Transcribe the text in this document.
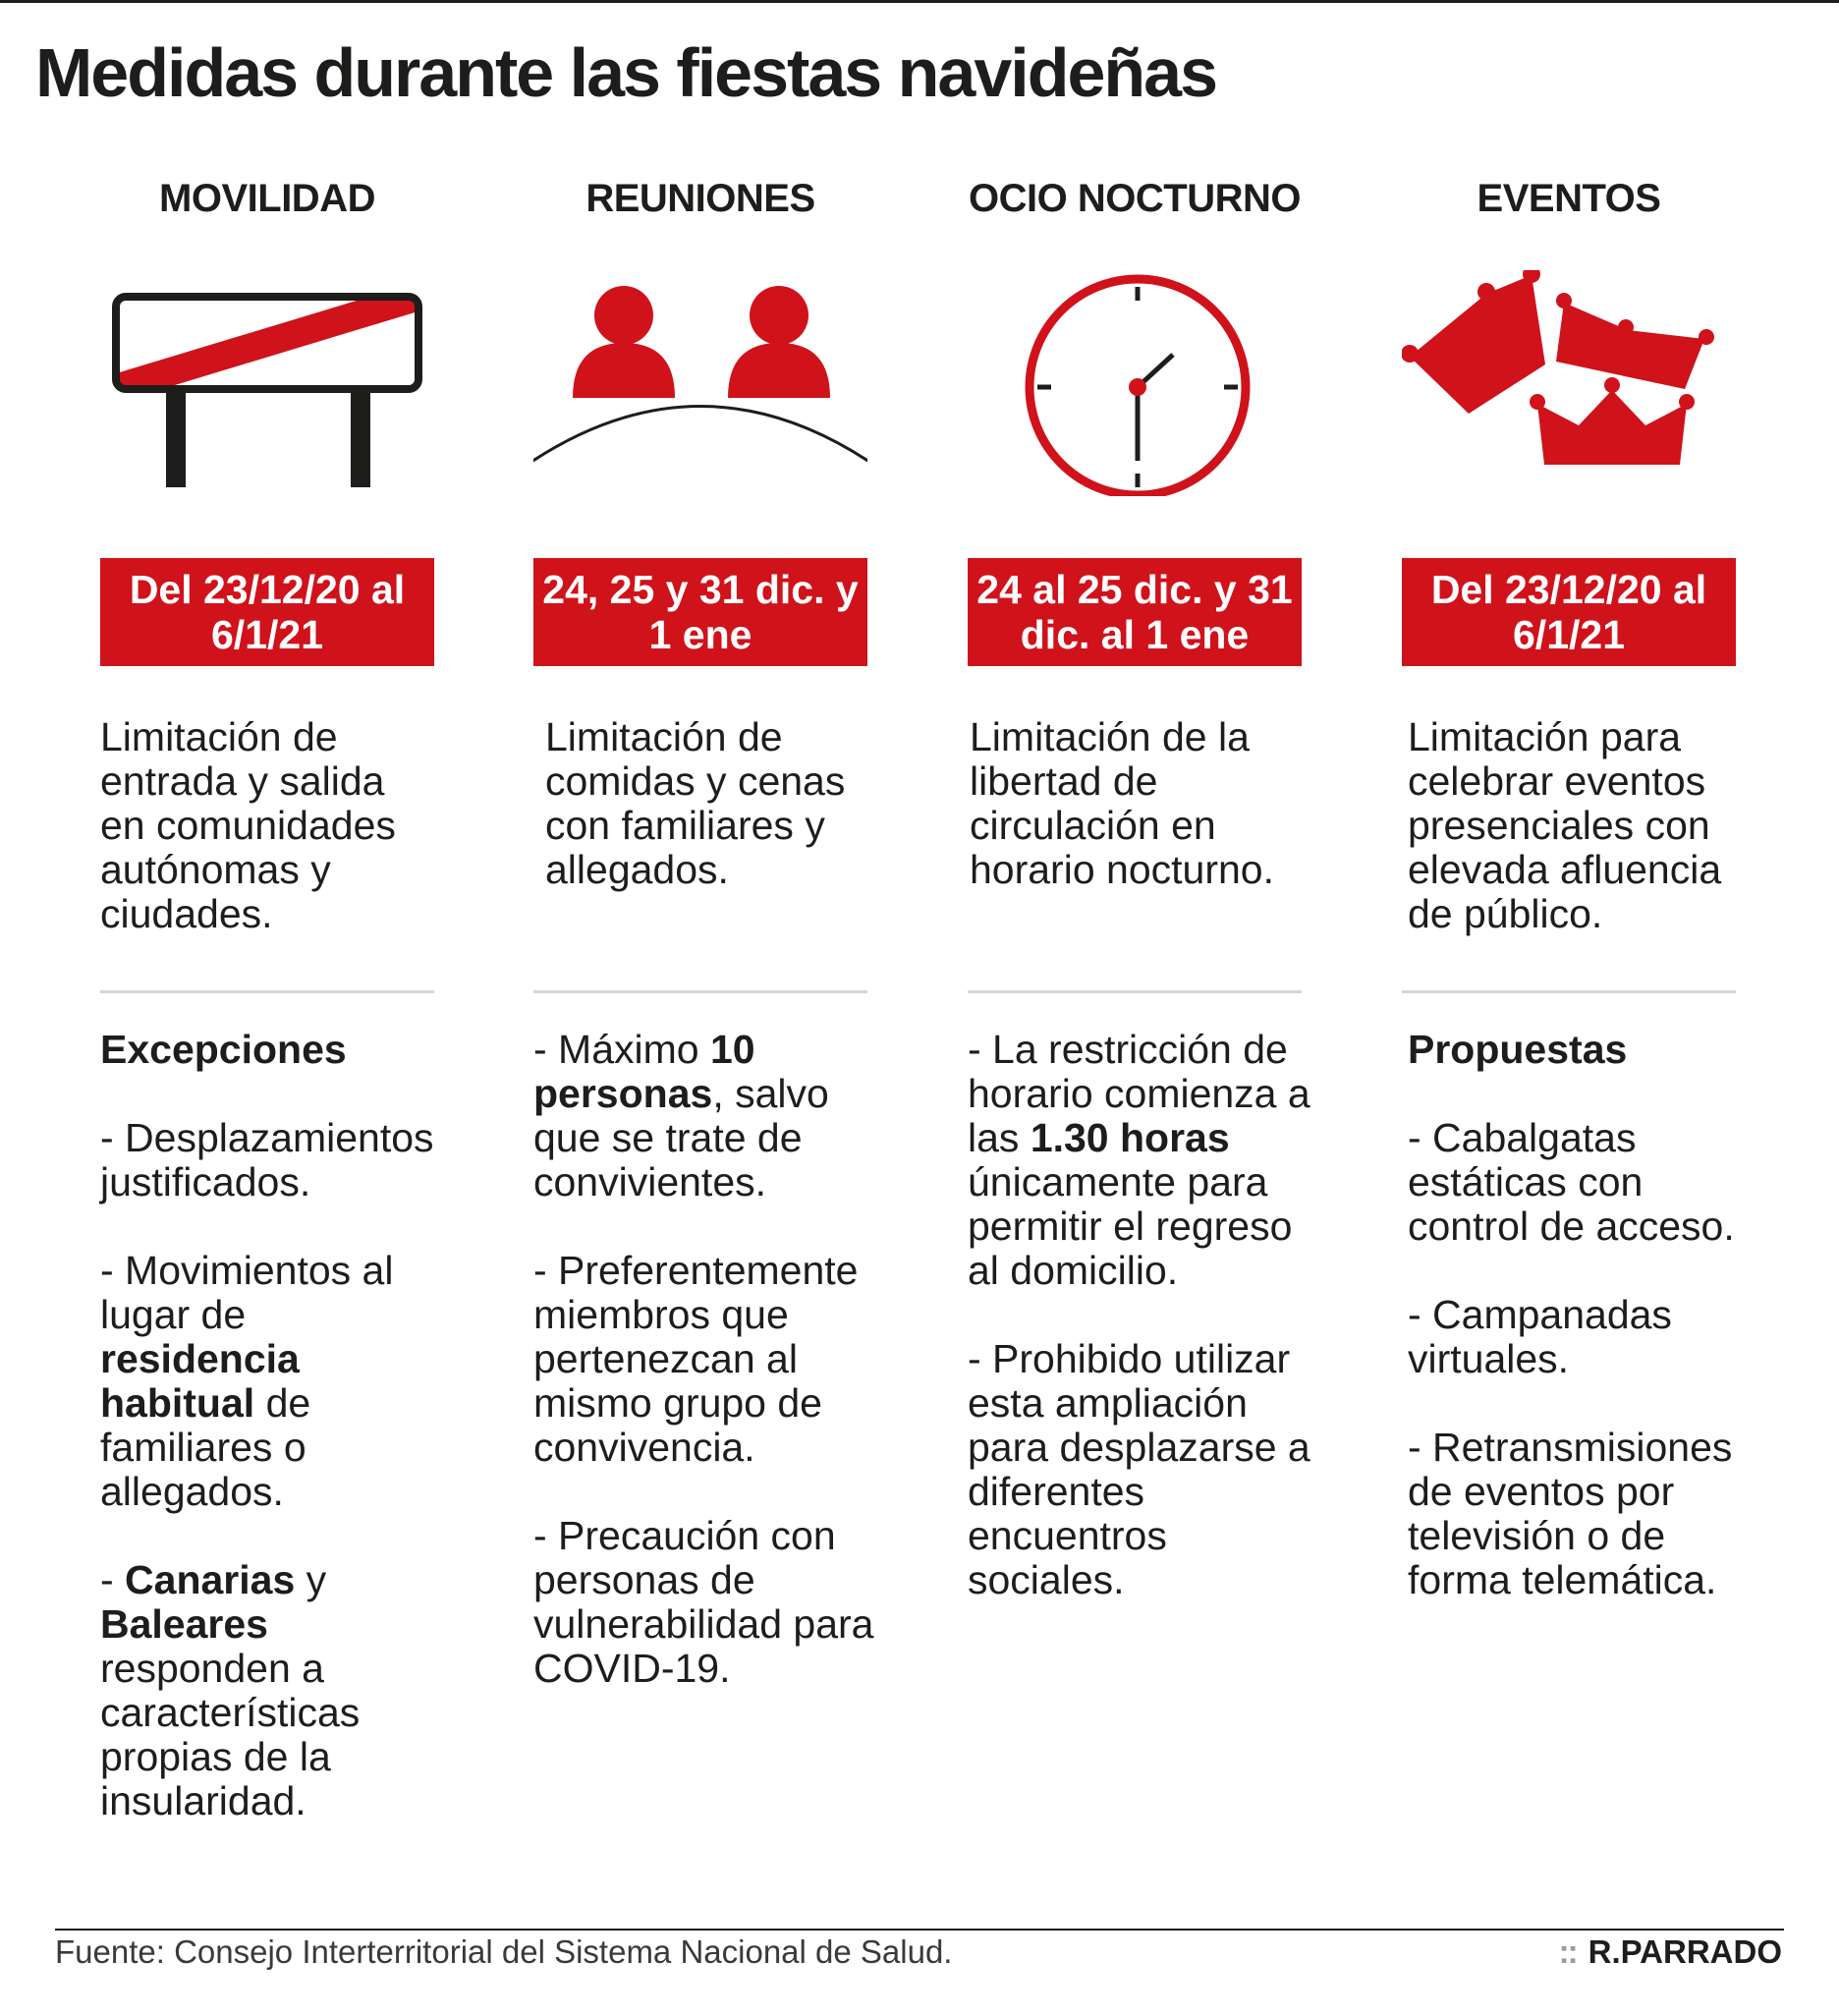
Medidas durante las fiestas navideñas
MOVILIDAD
Del 23/12/20 al 6/1/21
Limitación de entrada y salida en comunidades autónomas y ciudades.
Excepciones
- Desplazamientos justificados.
- Movimientos al lugar de residencia habitual de familiares o allegados.
- Canarias y Baleares responden a características propias de la insularidad.
REUNIONES
24, 25 y 31 dic. y 1 ene
Limitación de comidas y cenas con familiares y allegados.
- Máximo 10 personas, salvo que se trate de convivientes.
- Preferentemente miembros que pertenezcan al mismo grupo de convivencia.
- Precaución con personas de vulnerabilidad para COVID-19.
OCIO NOCTURNO
24 al 25 dic. y 31 dic. al 1 ene
Limitación de la libertad de circulación en horario nocturno.
- La restricción de horario comienza a las 1.30 horas únicamente para permitir el regreso al domicilio.
- Prohibido utilizar esta ampliación para desplazarse a diferentes encuentros sociales.
EVENTOS
Del 23/12/20 al 6/1/21
Limitación para celebrar eventos presenciales con elevada afluencia de público.
Propuestas
- Cabalgatas estáticas con control de acceso.
- Campanadas virtuales.
- Retransmisiones de eventos por televisión o de forma telemática.
Fuente: Consejo Interterritorial del Sistema Nacional de Salud.	:: R.PARRADO
